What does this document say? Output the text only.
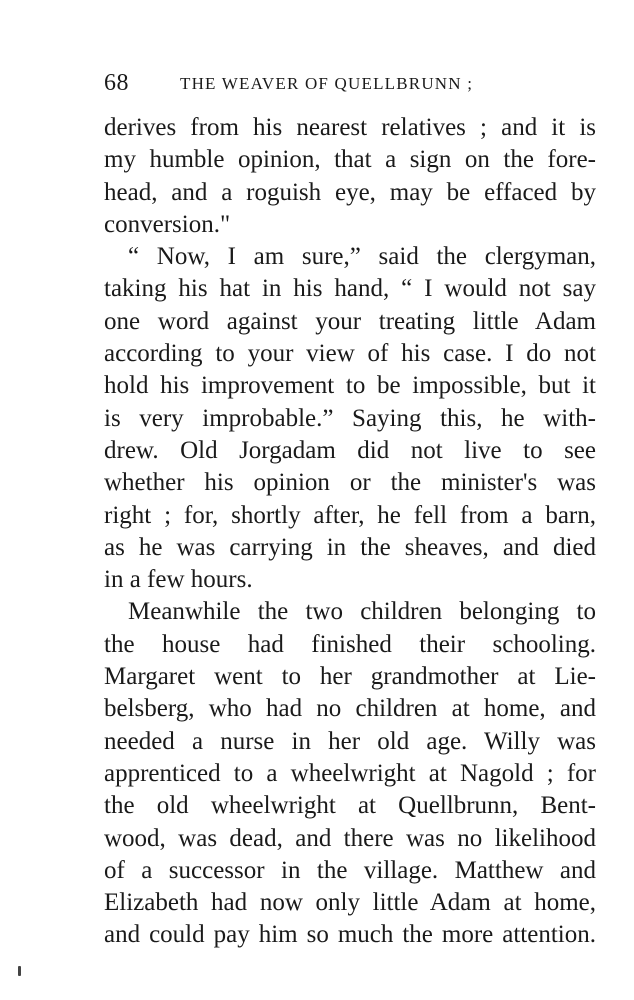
68	THE WEAVER OF QUELLBRUNN ;
derives from his nearest relatives ; and it is
my humble opinion, that a sign on the fore-
head, and a roguish eye, may be effaced by
conversion."
“ Now, I am sure,” said the clergyman,
taking his hat in his hand, “ I would not say
one word against your treating little Adam
according to your view of his case. I do not
hold his improvement to be impossible, but it
is very improbable.” Saying this, he with-
drew. Old Jorgadam did not live to see
whether his opinion or the minister's was
right ; for, shortly after, he fell from a barn,
as he was carrying in the sheaves, and died
in a few hours.
Meanwhile the two children belonging to
the house had finished their schooling.
Margaret went to her grandmother at Lie-
belsberg, who had no children at home, and
needed a nurse in her old age. Willy was
apprenticed to a wheelwright at Nagold ; for
the old wheelwright at Quellbrunn, Bent-
wood, was dead, and there was no likelihood
of a successor in the village. Matthew and
Elizabeth had now only little Adam at home,
and could pay him so much the more attention.
